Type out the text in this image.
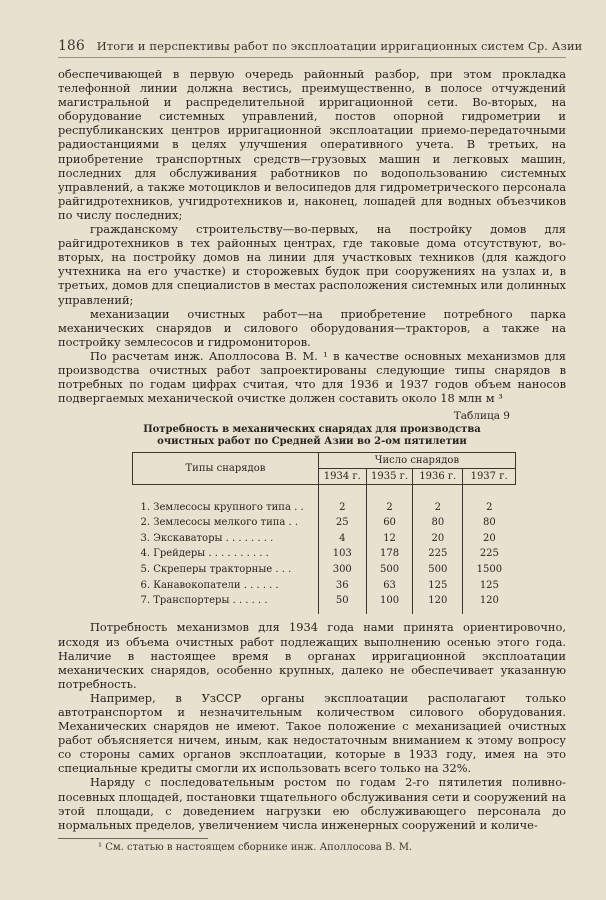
186 Итоги и перспективы работ по эксплоатации ирригационных систем Ср. Азии

обеспечивающей в первую очередь районный разбор, при этом прокладка телефонной линии должна вестись, преимущественно, в полосе отчуждений магистральной и распределительной ирригационной сети. Во-вторых, на оборудование системных управлений, постов опорной гидрометрии и республиканских центров ирригационной эксплоатации приемо-передаточными радиостанциями в целях улучшения оперативного учета. В третьих, на приобретение транспортных средств—грузовых машин и легковых машин, последних для обслуживания работников по водопользованию системных управлений, а также мотоциклов и велосипедов для гидрометрического персонала райгидротехников, учгидротехников и, наконец, лошадей для водных объезчиков по числу последних;

гражданскому строительству—во-первых, на постройку домов для райгидротехников в тех районных центрах, где таковые дома отсутствуют, во-вторых, на постройку домов на линии для участковых техников (для каждого учтехника на его участке) и сторожевых будок при сооружениях на узлах и, в третьих, домов для специалистов в местах расположения системных или долинных управлений;

механизации очистных работ—на приобретение потребного парка механических снарядов и силового оборудования—тракторов, а также на постройку землесосов и гидромониторов.

По расчетам инж. Аполлосова В. М. ¹ в качестве основных механизмов для производства очистных работ запроектированы следующие типы снарядов в потребных по годам цифрах считая, что для 1936 и 1937 годов объем наносов подвергаемых механической очистке должен составить около 18 млн м ³

Таблица 9
Потребность в механических снарядах для производства
очистных работ по Средней Азии во 2-ом пятилетии
Типы снарядов	Число снарядов			
	1934 г.	1935 г.	1936 г.	1937 г.

1. Землесосы крупного типа . .	2	2	2	2
2. Землесосы мелкого типа . .	25	60	80	80
3. Экскаваторы . . . . . . . .	4	12	20	20
4. Грейдеры . . . . . . . . . .	103	178	225	225
5. Скреперы тракторные . . .	300	500	500	1500
6. Канавокопатели . . . . . .	36	63	125	125
7. Транспортеры . . . . . .	50	100	120	120

Потребность механизмов для 1934 года нами принята ориентировочно, исходя из объема очистных работ подлежащих выполнению осенью этого года. Наличие в настоящее время в органах ирригационной эксплоатации механических снарядов, особенно крупных, далеко не обеспечивает указанную потребность.

Например, в УзССР органы эксплоатации располагают только автотранспортом и незначительным количеством силового оборудования. Механических снарядов не имеют. Такое положение с механизацией очистных работ объясняется ничем, иным, как недостаточным вниманием к этому вопросу со стороны самих органов эксплоатации, которые в 1933 году, имея на это специальные кредиты смогли их использовать всего только на 32%.

Наряду с последовательным ростом по годам 2-го пятилетия поливно-посевных площадей, постановки тщательного обслуживания сети и сооружений на этой площади, с доведением нагрузки ею обслуживающего персонала до нормальных пределов, увеличением числа инженерных сооружений и количе-

¹ См. статью в настоящем сборнике инж. Аполлосова В. М.
